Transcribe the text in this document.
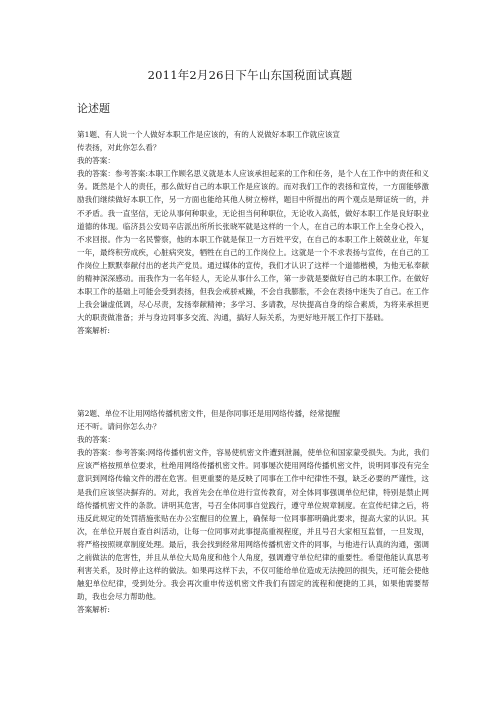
2011年2月26日下午山东国税面试真题
论述题

第1题、有人说一个人做好本职工作是应该的，有的人说做好本职工作就应该宣
传表扬，对此你怎么看？

我的答案：

我的答案：参考答案:本职工作顾名思义就是本人应该承担起来的工作和任务，是个人在工作中的责任和义务。既然是个人的责任，那么做好自己的本职工作是应该的。而对我们工作的表扬和宣传，一方面能够激励我们继续做好本职工作，另一方面也能给其他人树立榜样，题目中所提出的两个观点是辩证统一的，并不矛盾。我一直坚信，无论从事何种职业，无论担当何种职位，无论收入高低，做好本职工作是良好职业道德的体现。临济县公安局辛店派出所所长张晓军就是这样的一个人，在自己的本职工作上全身心投入，不求回报。作为一名民警察，他的本职工作就是保卫一方百姓平安，在自己的本职工作上兢兢业业，年复一年，最终积劳成疾，心脏病突发，牺牲在自己的工作岗位上。这就是一个不求表扬与宣传，在自己的工作岗位上默默奉献付出的老共产党员。通过媒体的宣传，我们才认识了这样一个道德楷模，为他无私奉献的精神深深感动。而我作为一名年轻人，无论从事什么工作，第一步就是要做好自己的本职工作。在做好本职工作的基础上可能会受到表扬，但我会戒骄戒躁，不会自我膨胀，不会在表扬中迷失了自己。在工作上我会谦虚低调，尽心尽责，发扬奉献精神；多学习、多请教，尽快提高自身的综合素质，为将来承担更大的职责做准备；并与身边同事多交流、沟通，搞好人际关系，为更好地开展工作打下基础。

答案解析:

第2题、单位不让用网络传播机密文件，但是你同事还是用网络传播，经常提醒
还不听。请问你怎么办？

我的答案：

我的答案：参考答案:网络传播机密文件，容易使机密文件遭到泄漏，使单位和国家蒙受损失。为此，我们应该严格按照单位要求，杜绝用网络传播机密文件。同事屡次使用网络传播机密文件，说明同事没有完全意识到网络传输文件的潜在危害。但更重要的是反映了同事在工作中纪律性不强，缺乏必要的严谨性，这是我们应该坚决摒弃的。对此，我首先会在单位进行宣传教育，对全体同事强调单位纪律，特别是禁止网络传播机密文件的条款。讲明其危害，号召全体同事自觉践行，遵守单位规章制度。在宣传纪律之后，将违反此规定的处罚措施张贴在办公室醒目的位置上，确保每一位同事都明确此要求，提高大家的认识。其次，在单位开展自查自纠活动，让每一位同事对此事提高重视程度，并且号召大家相互监督，一旦发现，将严格按照规章制度处理。最后，我会找到经常用网络传播机密文件的同事，与他进行认真的沟通，强调之前做法的危害性，并且从单位大局角度和他个人角度，强调遵守单位纪律的重要性。希望他能认真思考利害关系，及时停止这样的做法。如果再这样下去，不仅可能给单位造成无法挽回的损失，还可能会使他触犯单位纪律，受到处分。我会再次重申传送机密文件我们有固定的流程和便捷的工具，如果他需要帮助，我也会尽力帮助他。

答案解析:
